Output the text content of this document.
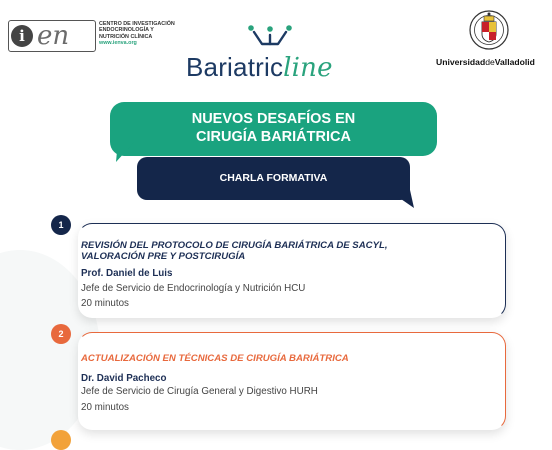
i en	CENTRO DE INVESTIGACIÓN
ENDOCRINOLOGÍA Y
NUTRICIÓN CLÍNICA
www.ienva.org
Bariatricline	UniversidaddeValladolid
NUEVOS DESAFÍOS EN
CIRUGÍA BARIÁTRICA
CHARLA FORMATIVA
1
REVISIÓN DEL PROTOCOLO DE CIRUGÍA BARIÁTRICA DE SACYL,
VALORACIÓN PRE Y POSTCIRUGÍA
Prof. Daniel de Luis
Jefe de Servicio de Endocrinología y Nutrición HCU
20 minutos
2
ACTUALIZACIÓN EN TÉCNICAS DE CIRUGÍA BARIÁTRICA
Dr. David Pacheco
Jefe de Servicio de Cirugía General y Digestivo HURH
20 minutos
